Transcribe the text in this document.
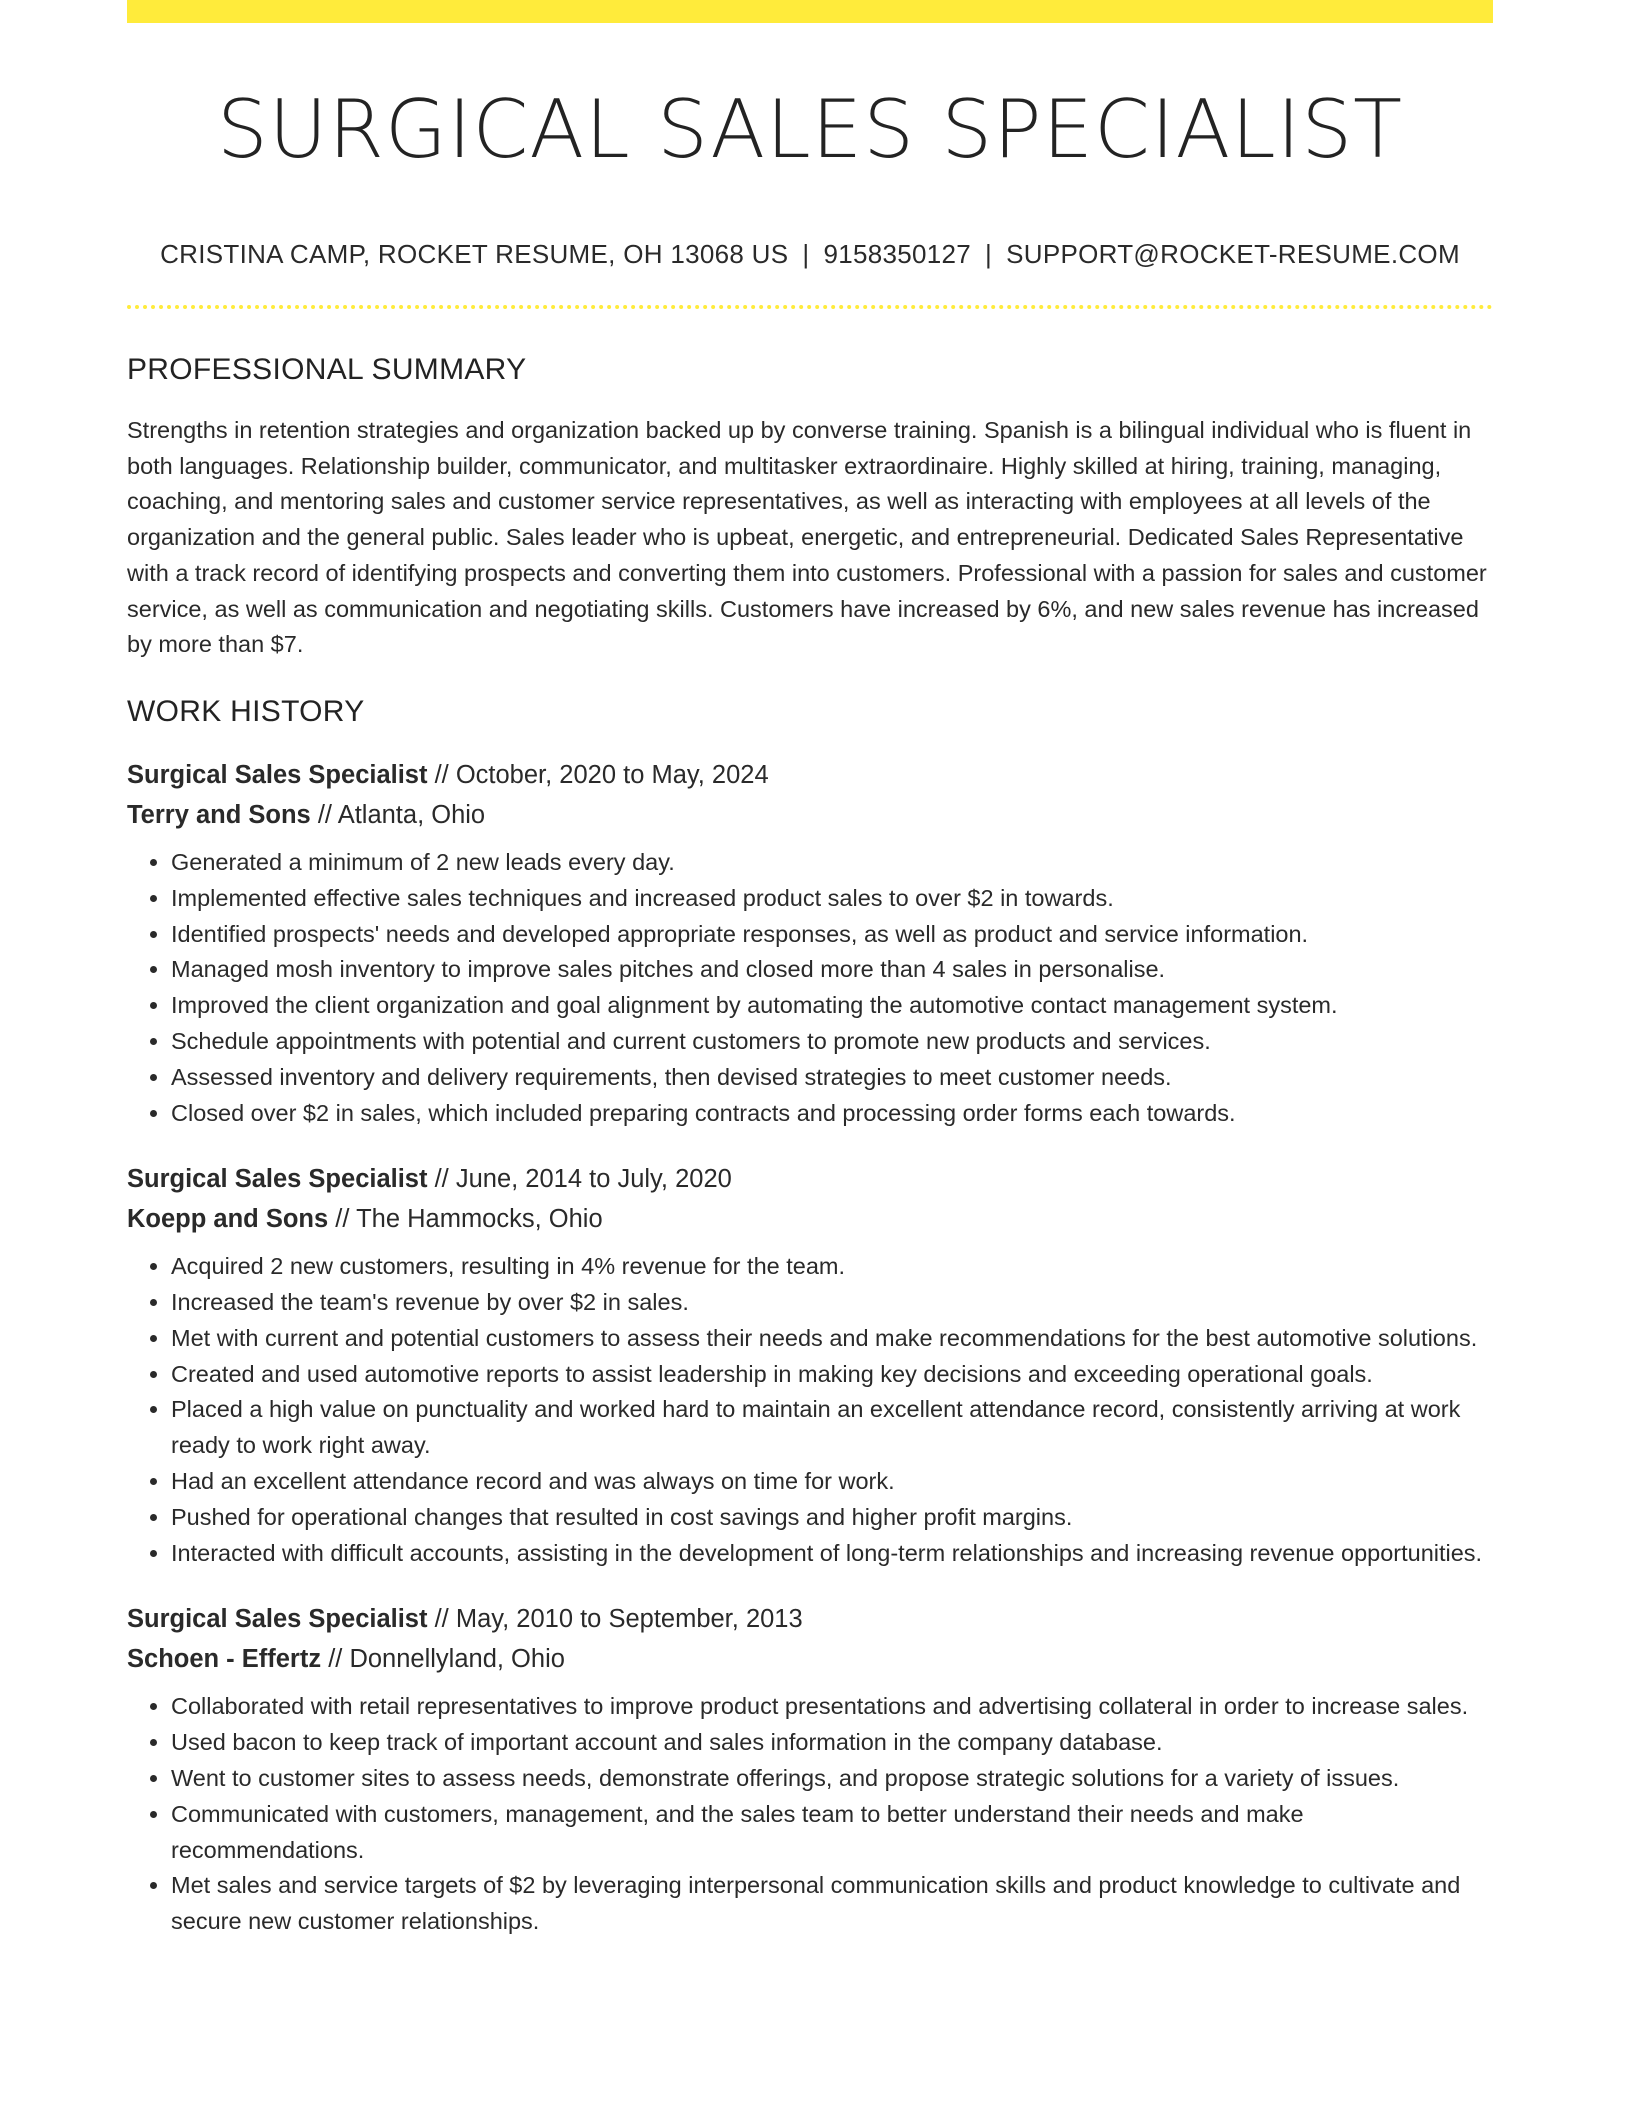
SURGICAL SALES SPECIALIST
CRISTINA CAMP, ROCKET RESUME, OH 13068 US | 9158350127 | SUPPORT@ROCKET-RESUME.COM
PROFESSIONAL SUMMARY

Strengths in retention strategies and organization backed up by converse training. Spanish is a bilingual individual who is fluent in both languages. Relationship builder, communicator, and multitasker extraordinaire. Highly skilled at hiring, training, managing, coaching, and mentoring sales and customer service representatives, as well as interacting with employees at all levels of the organization and the general public. Sales leader who is upbeat, energetic, and entrepreneurial. Dedicated Sales Representative with a track record of identifying prospects and converting them into customers. Professional with a passion for sales and customer service, as well as communication and negotiating skills. Customers have increased by 6%, and new sales revenue has increased by more than $7.

WORK HISTORY
Surgical Sales Specialist // October, 2020 to May, 2024
Terry and Sons // Atlanta, Ohio
• Generated a minimum of 2 new leads every day.
• Implemented effective sales techniques and increased product sales to over $2 in towards.
• Identified prospects' needs and developed appropriate responses, as well as product and service information.
• Managed mosh inventory to improve sales pitches and closed more than 4 sales in personalise.
• Improved the client organization and goal alignment by automating the automotive contact management system.
• Schedule appointments with potential and current customers to promote new products and services.
• Assessed inventory and delivery requirements, then devised strategies to meet customer needs.
• Closed over $2 in sales, which included preparing contracts and processing order forms each towards.
Surgical Sales Specialist // June, 2014 to July, 2020
Koepp and Sons // The Hammocks, Ohio
• Acquired 2 new customers, resulting in 4% revenue for the team.
• Increased the team's revenue by over $2 in sales.
• Met with current and potential customers to assess their needs and make recommendations for the best automotive solutions.
• Created and used automotive reports to assist leadership in making key decisions and exceeding operational goals.
• Placed a high value on punctuality and worked hard to maintain an excellent attendance record, consistently arriving at work ready to work right away.
• Had an excellent attendance record and was always on time for work.
• Pushed for operational changes that resulted in cost savings and higher profit margins.
• Interacted with difficult accounts, assisting in the development of long-term relationships and increasing revenue opportunities.
Surgical Sales Specialist // May, 2010 to September, 2013
Schoen - Effertz // Donnellyland, Ohio
• Collaborated with retail representatives to improve product presentations and advertising collateral in order to increase sales.
• Used bacon to keep track of important account and sales information in the company database.
• Went to customer sites to assess needs, demonstrate offerings, and propose strategic solutions for a variety of issues.
• Communicated with customers, management, and the sales team to better understand their needs and make recommendations.
• Met sales and service targets of $2 by leveraging interpersonal communication skills and product knowledge to cultivate and secure new customer relationships.
